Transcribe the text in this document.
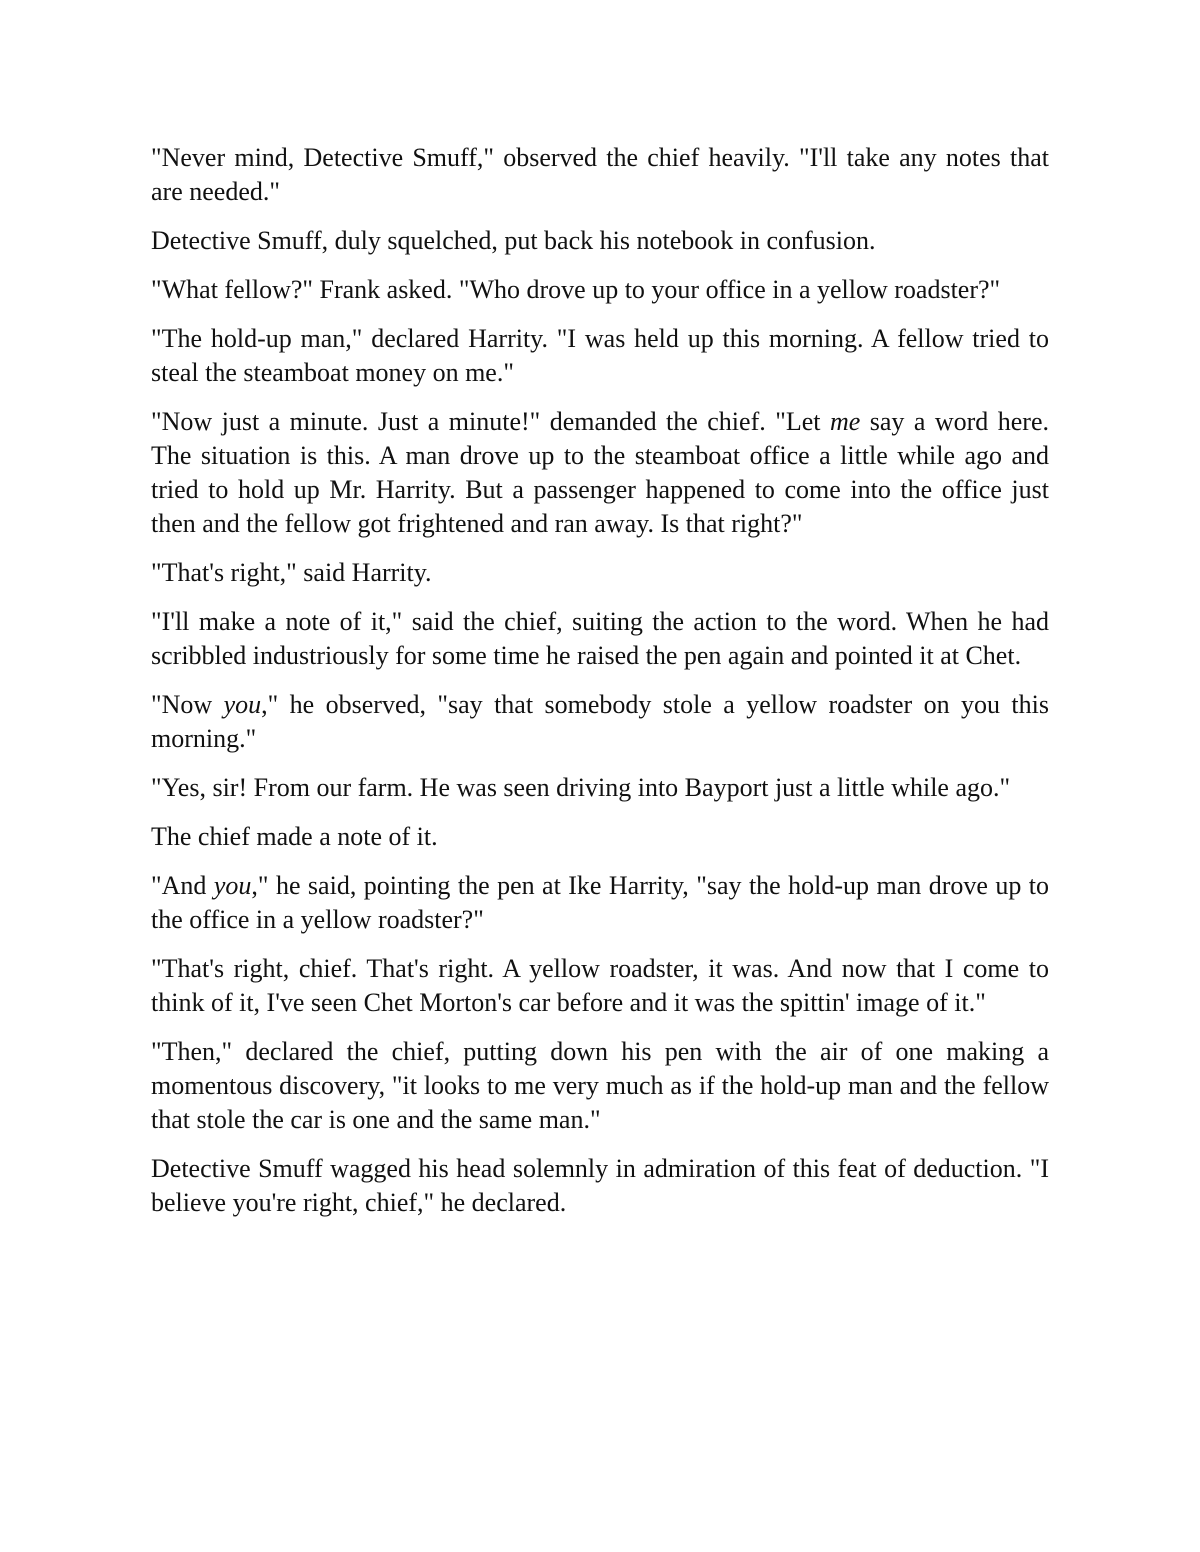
"Never mind, Detective Smuff," observed the chief heavily. "I'll take any notes that are needed."

Detective Smuff, duly squelched, put back his notebook in confusion.

"What fellow?" Frank asked. "Who drove up to your office in a yellow roadster?"

"The hold-up man," declared Harrity. "I was held up this morning. A fellow tried to steal the steamboat money on me."

"Now just a minute. Just a minute!" demanded the chief. "Let me say a word here. The situation is this. A man drove up to the steamboat office a little while ago and tried to hold up Mr. Harrity. But a passenger happened to come into the office just then and the fellow got frightened and ran away. Is that right?"

"That's right," said Harrity.

"I'll make a note of it," said the chief, suiting the action to the word. When he had scribbled industriously for some time he raised the pen again and pointed it at Chet.

"Now you," he observed, "say that somebody stole a yellow roadster on you this morning."

"Yes, sir! From our farm. He was seen driving into Bayport just a little while ago."

The chief made a note of it.

"And you," he said, pointing the pen at Ike Harrity, "say the hold-up man drove up to the office in a yellow roadster?"

"That's right, chief. That's right. A yellow roadster, it was. And now that I come to think of it, I've seen Chet Morton's car before and it was the spittin' image of it."

"Then," declared the chief, putting down his pen with the air of one making a momentous discovery, "it looks to me very much as if the hold-up man and the fellow that stole the car is one and the same man."

Detective Smuff wagged his head solemnly in admiration of this feat of deduction. "I believe you're right, chief," he declared.
